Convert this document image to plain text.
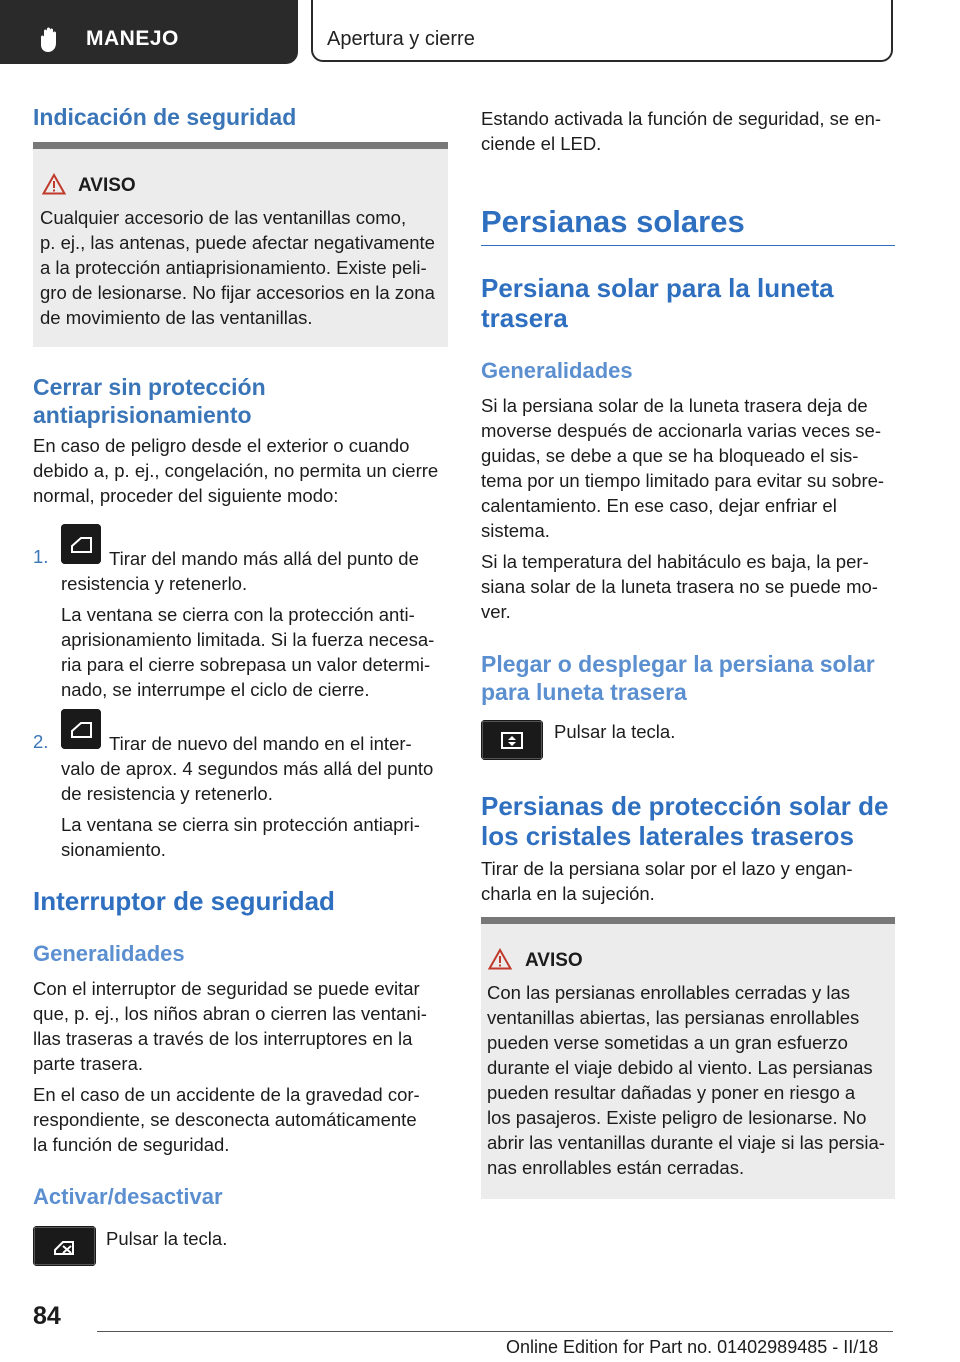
MANEJO	Apertura y cierre
Indicación de seguridad
AVISO
Cualquier accesorio de las ventanillas como,
p. ej., las antenas, puede afectar negativamente
a la protección antiaprisionamiento. Existe peli‐
gro de lesionarse. No fijar accesorios en la zona
de movimiento de las ventanillas.
Cerrar sin protección
antiaprisionamiento
En caso de peligro desde el exterior o cuando
debido a, p. ej., congelación, no permita un cierre
normal, proceder del siguiente modo:
1.	Tirar del mando más allá del punto de
resistencia y retenerlo.
La ventana se cierra con la protección anti‐
aprisionamiento limitada. Si la fuerza necesa‐
ria para el cierre sobrepasa un valor determi‐
nado, se interrumpe el ciclo de cierre.
2.	Tirar de nuevo del mando en el inter‐
valo de aprox. 4 segundos más allá del punto
de resistencia y retenerlo.
La ventana se cierra sin protección antiapri‐
sionamiento.
Interruptor de seguridad
Generalidades
Con el interruptor de seguridad se puede evitar
que, p. ej., los niños abran o cierren las ventani‐
llas traseras a través de los interruptores en la
parte trasera.
En el caso de un accidente de la gravedad cor‐
respondiente, se desconecta automáticamente
la función de seguridad.
Activar/desactivar
Pulsar la tecla.
Estando activada la función de seguridad, se en‐
ciende el LED.
Persianas solares
Persiana solar para la luneta
trasera
Generalidades
Si la persiana solar de la luneta trasera deja de
moverse después de accionarla varias veces se‐
guidas, se debe a que se ha bloqueado el sis‐
tema por un tiempo limitado para evitar su sobre‐
calentamiento. En ese caso, dejar enfriar el
sistema.
Si la temperatura del habitáculo es baja, la per‐
siana solar de la luneta trasera no se puede mo‐
ver.
Plegar o desplegar la persiana solar
para luneta trasera
Pulsar la tecla.
Persianas de protección solar de
los cristales laterales traseros
Tirar de la persiana solar por el lazo y engan‐
charla en la sujeción.
AVISO
Con las persianas enrollables cerradas y las
ventanillas abiertas, las persianas enrollables
pueden verse sometidas a un gran esfuerzo
durante el viaje debido al viento. Las persianas
pueden resultar dañadas y poner en riesgo a
los pasajeros. Existe peligro de lesionarse. No
abrir las ventanillas durante el viaje si las persia‐
nas enrollables están cerradas.
84
Online Edition for Part no. 01402989485 - II/18
